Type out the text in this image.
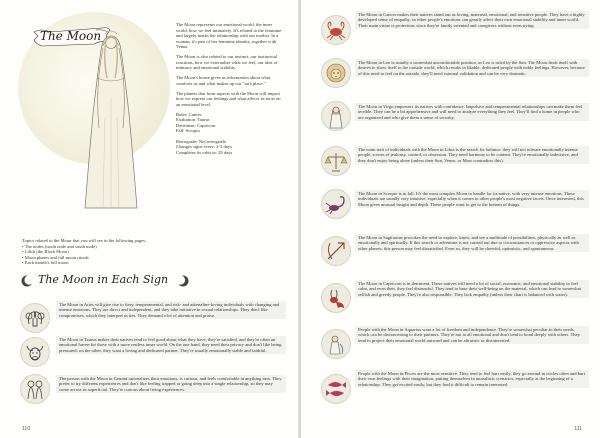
The Moon

The Moon represents our emotional world, the inner world, how we feel intimately. It's related to the feminine and largely marks the relationship with our mother. In a woman, it's part of her feminine identity, together with Venus.

The Moon is also related to our instinct, our instinctual reactions, how we externalize what we feel, our idea of intimacy and emotional stability.

The Moon's house gives us information about what comforts us and what makes up our "safe place."

The planets that form aspects with the Moon will impact how we express our feelings and what affects us most on an emotional level.

Ruler: Cancer
Exaltation: Taurus
Detriment: Capricorn
Fall: Scorpio

Retrograde: Not retrograde
Changes signs every: 2-3 days
Completes its orbit in: 29 days

Topics related to the Moon that you will see in the following pages:
• The nodes (north node and south node)
• Lilith (the Black Moon)
• Moon phases and full moon rituals
• Each month's full moon
The Moon in Each Sign
The Moon in Aries will give rise to fiery, temperamental, and risk- and adrenaline-loving individuals with changing and intense emotions. They are direct and independent, and they take initiative in sexual relationships. They don't like compromises, which they interpret as ties. They demand a lot of attention and praise.
The Moon in Taurus makes their natives tend to feel good about what they have; they're satisfied, and they're often an emotional haven for those with a more restless inner world. On the one hand, they need their privacy and don't like being pressured; on the other, they want a loving and dedicated partner. They're usually emotionally stable and faithful.
The person with the Moon in Gemini rationalizes their emotions, is curious, and feels comfortable in anything new. They prefer to try different experiences and don't like feeling trapped or going deep into a single relationship, so they may come across as superficial. They're curious about living experiences.
110
The Moon in Cancer makes their natives stand out as loving, maternal, emotional, and sensitive people. They have a highly developed sense of empathy, so other people's emotions can greatly affect their own emotional stability and inner world. Their main virtue is protection, since they're family oriented and caregivers without even trying.
The Moon in Leo is usually a somewhat uncomfortable position, as Leo is ruled by the Sun. The Moon finds itself with desires to show itself to the outside world, which results in likable, dedicated people with noble feelings. However, because of this need to feel on the outside, they'll need external validation and can be very dramatic.
The Moon in Virgo empowers its natives with confidence. Impulsive and temperamental relationships can make them feel terrible. They can be a bit apprehensive and will need to analyze everything they feel. They'll find a home in people who are organized and who give them a sense of security.
The main trait of individuals with the Moon in Libra is the search for balance: they will not tolerate emotionally intense people, scenes of jealousy, control, or obsession. They need harmony to be content. They're emotionally indecisive, and they don't enjoy being alone (unless their Sun, Venus, or Mars contradicts this).
The Moon in Scorpio is in fall. It's the most complex Moon to handle for its native, with very intense emotions. These individuals are usually very intuitive, especially when it comes to other people's most negative facets. Once interested, this Moon gives unusual insight and depth. These people want to get to the bottom of things.
The Moon in Sagittarius provokes the need to explore, know, and see a multitude of possibilities, physically as well as emotionally and spiritually. If this search or adventure is not carried out due to circumstances or oppressive aspects with other planets, this person may feel dissatisfied. Even so, they will be cheerful, optimistic, and spontaneous.
The Moon in Capricorn is in detriment. These natives will need a lot of social, economic, and emotional stability to feel calm, and even then, they feel distrustful. They tend to base their well-being on the material, which can lead to somewhat selfish and greedy people. They're also responsible. They lack empathy (unless their chart is balanced with water).
People with the Moon in Aquarius want a lot of freedom and independence. They're somewhat peculiar in their needs, which can be disconcerting to their partners. They're not at all emotional and don't tend to bond deeply with others. They tend to project their emotional world outward and can be altruistic or disinterested.
People with the Moon in Pisces are the most sensitive. They tend to feel hurt easily, they go around in circles often and hurt their own feelings with their imagination, putting themselves in unrealistic scenarios, especially at the beginning of a relationship. They get excited easily, but they find it difficult to remain interested.
111
